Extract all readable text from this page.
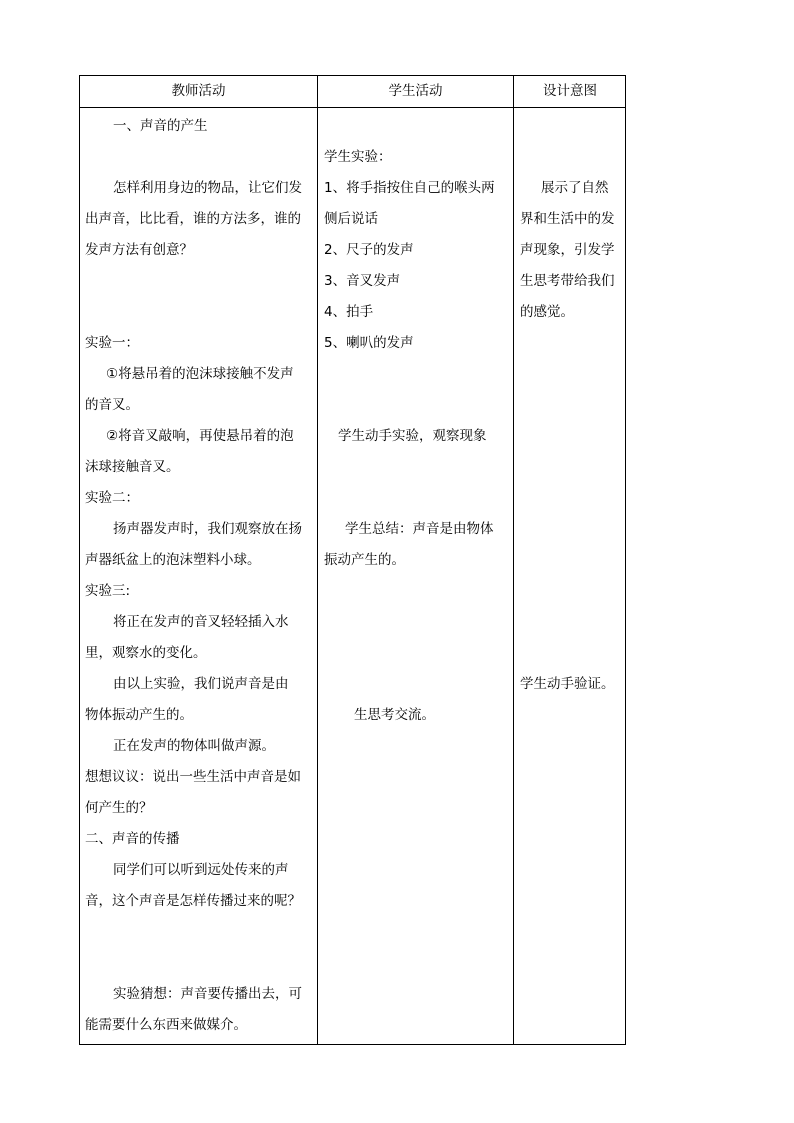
教师活动	学生活动	设计意图
一、声音的产生
怎样利用身边的物品，让它们发
出声音，比比看，谁的方法多，谁的
发声方法有创意？
实验一：
①将悬吊着的泡沫球接触不发声
的音叉。
②将音叉敲响，再使悬吊着的泡
沫球接触音叉。
实验二：
扬声器发声时，我们观察放在扬
声器纸盆上的泡沫塑料小球。
实验三:
将正在发声的音叉轻轻插入水
里，观察水的变化。
由以上实验，我们说声音是由
物体振动产生的。
正在发声的物体叫做声源。
想想议议：说出一些生活中声音是如
何产生的？
二、声音的传播
同学们可以听到远处传来的声
音，这个声音是怎样传播过来的呢？
实验猜想：声音要传播出去，可
能需要什么东西来做媒介。
学生实验：
1、将手指按住自己的喉头两
侧后说话
2、尺子的发声
3、音叉发声
4、拍手
5、喇叭的发声
学生动手实验，观察现象
学生总结：声音是由物体
振动产生的。
生思考交流。
展示了自然
界和生活中的发
声现象，引发学
生思考带给我们
的感觉。
学生动手验证。
